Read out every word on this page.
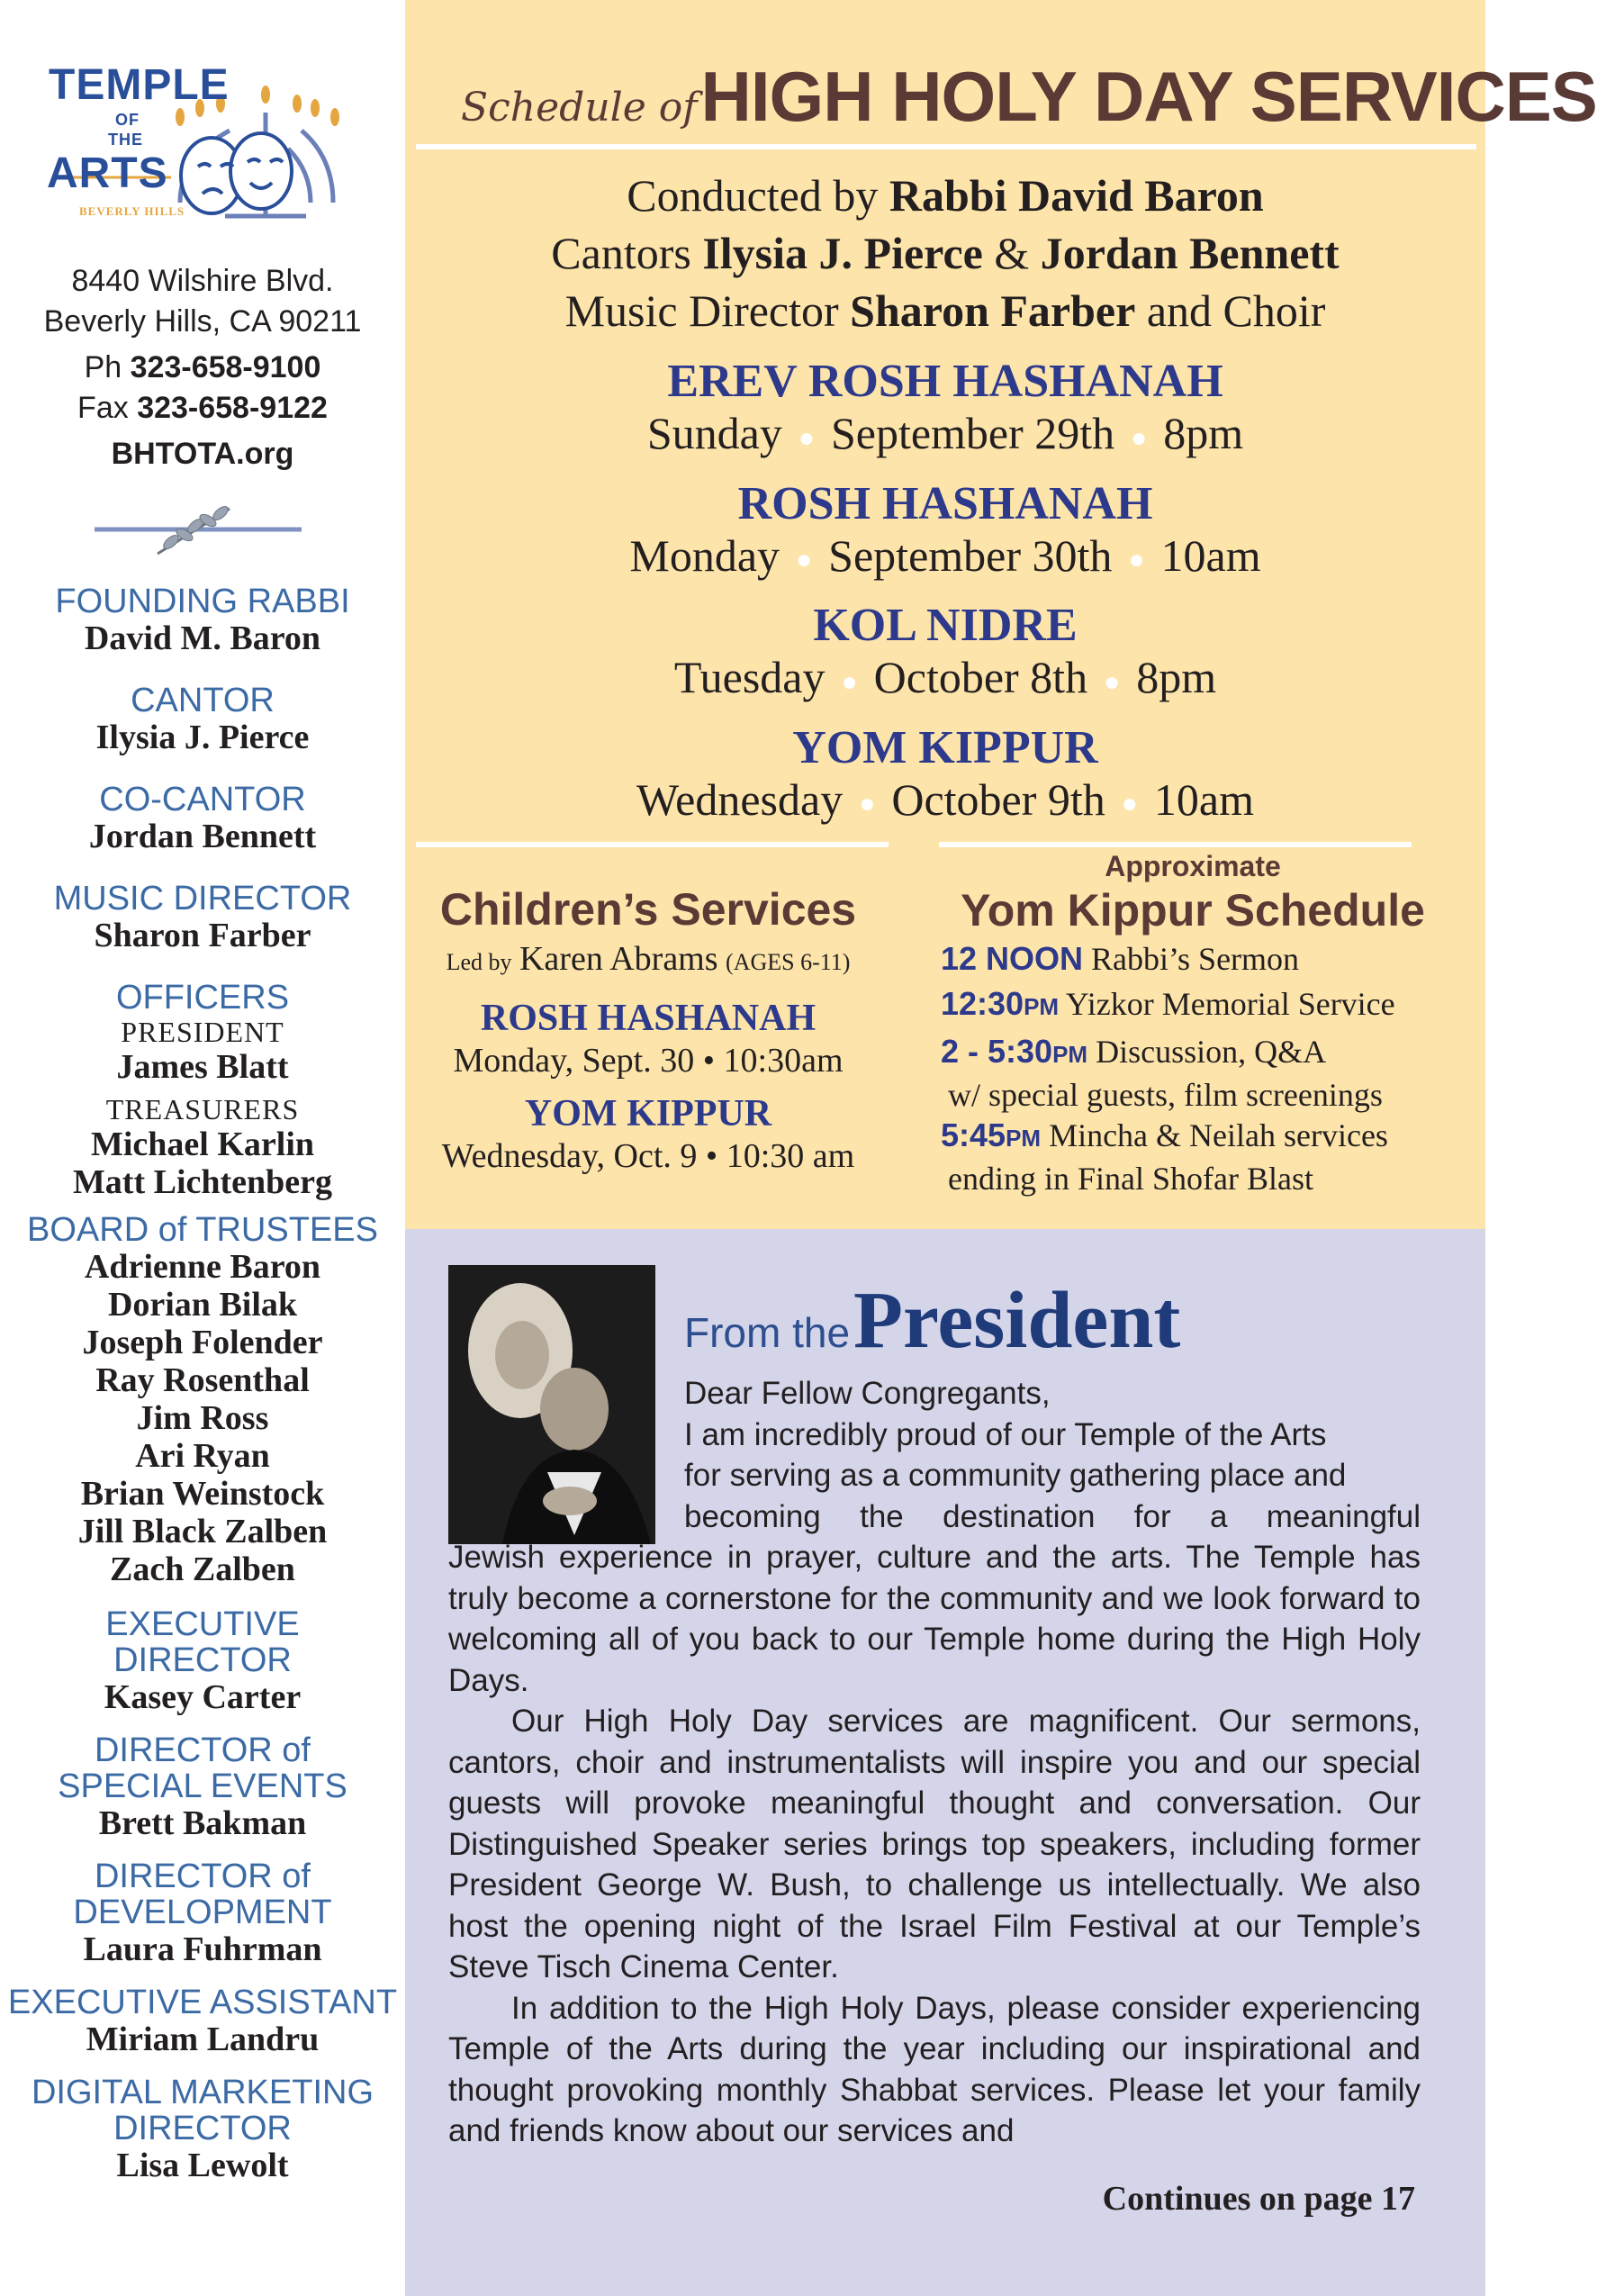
TEMPLE
OF
THE
ARTS
BEVERLY HILLS
8440 Wilshire Blvd.
Beverly Hills, CA 90211
Ph 323-658-9100
Fax 323-658-9122
BHTOTA.org
FOUNDING RABBI
David M. Baron
CANTOR
Ilysia J. Pierce
CO-CANTOR
Jordan Bennett
MUSIC DIRECTOR
Sharon Farber
OFFICERS
PRESIDENT
James Blatt
TREASURERS
Michael Karlin
Matt Lichtenberg
BOARD of TRUSTEES
Adrienne Baron
Dorian Bilak
Joseph Folender
Ray Rosenthal
Jim Ross
Ari Ryan
Brian Weinstock
Jill Black Zalben
Zach Zalben
EXECUTIVE
DIRECTOR
Kasey Carter
DIRECTOR of
SPECIAL EVENTS
Brett Bakman
DIRECTOR of
DEVELOPMENT
Laura Fuhrman
EXECUTIVE ASSISTANT
Miriam Landru
DIGITAL MARKETING
DIRECTOR
Lisa Lewolt
Schedule of HIGH HOLY DAY SERVICES
Conducted by Rabbi David Baron
Cantors Ilysia J. Pierce & Jordan Bennett
Music Director Sharon Farber and Choir
EREV ROSH HASHANAH
Sunday ● September 29th ● 8pm
ROSH HASHANAH
Monday ● September 30th ● 10am
KOL NIDRE
Tuesday ● October 8th ● 8pm
YOM KIPPUR
Wednesday ● October 9th ● 10am
Children’s Services
Led by Karen Abrams (AGES 6-11)
ROSH HASHANAH
Monday, Sept. 30 • 10:30am
YOM KIPPUR
Wednesday, Oct. 9 • 10:30 am
Approximate
Yom Kippur Schedule
12 NOON Rabbi’s Sermon
12:30PM Yizkor Memorial Service
2 - 5:30PM Discussion, Q&A
w/ special guests, film screenings
5:45PM Mincha & Neilah services
ending in Final Shofar Blast
From the President
Dear Fellow Congregants,
I am incredibly proud of our Temple of the Arts
for serving as a community gathering place and
becoming the destination for a meaningful

Jewish experience in prayer, culture and the arts. The Temple has truly become a cornerstone for the community and we look forward to welcoming all of you back to our Temple home during the High Holy Days.

Our High Holy Day services are magnificent. Our sermons, cantors, choir and instrumentalists will inspire you and our special guests will provoke meaningful thought and conversation. Our Distinguished Speaker series brings top speakers, including former President George W. Bush, to challenge us intellectually. We also host the opening night of the Israel Film Festival at our Temple’s Steve Tisch Cinema Center.

In addition to the High Holy Days, please consider experiencing Temple of the Arts during the year including our inspirational and thought provoking monthly Shabbat services. Please let your family and friends know about our services and

Continues on page 17
